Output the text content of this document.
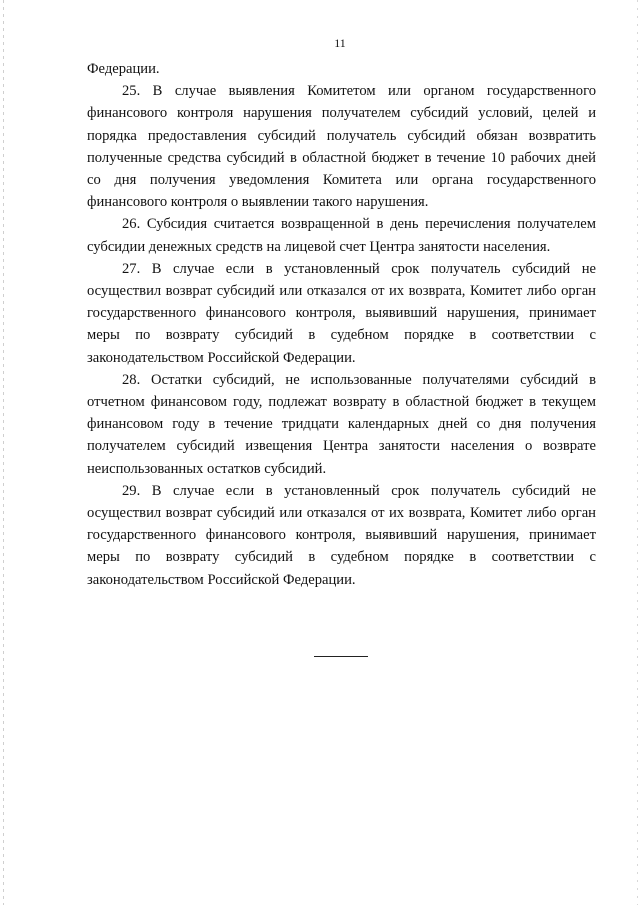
11

Федерации.

25. В случае выявления Комитетом или органом государственного финансового контроля нарушения получателем субсидий условий, целей и порядка предоставления субсидий получатель субсидий обязан возвратить полученные средства субсидий в областной бюджет в течение 10 рабочих дней со дня получения уведомления Комитета или органа государственного финансового контроля о выявлении такого нарушения.

26. Субсидия считается возвращенной в день перечисления получателем субсидии денежных средств на лицевой счет Центра занятости населения.

27. В случае если в установленный срок получатель субсидий не осуществил возврат субсидий или отказался от их возврата, Комитет либо орган государственного финансового контроля, выявивший нарушения, принимает меры по возврату субсидий в судебном порядке в соответствии с законодательством Российской Федерации.

28. Остатки субсидий, не использованные получателями субсидий в отчетном финансовом году, подлежат возврату в областной бюджет в текущем финансовом году в течение тридцати календарных дней со дня получения получателем субсидий извещения Центра занятости населения о возврате неиспользованных остатков субсидий.

29. В случае если в установленный срок получатель субсидий не осуществил возврат субсидий или отказался от их возврата, Комитет либо орган государственного финансового контроля, выявивший нарушения, принимает меры по возврату субсидий в судебном порядке в соответствии с законодательством Российской Федерации.
